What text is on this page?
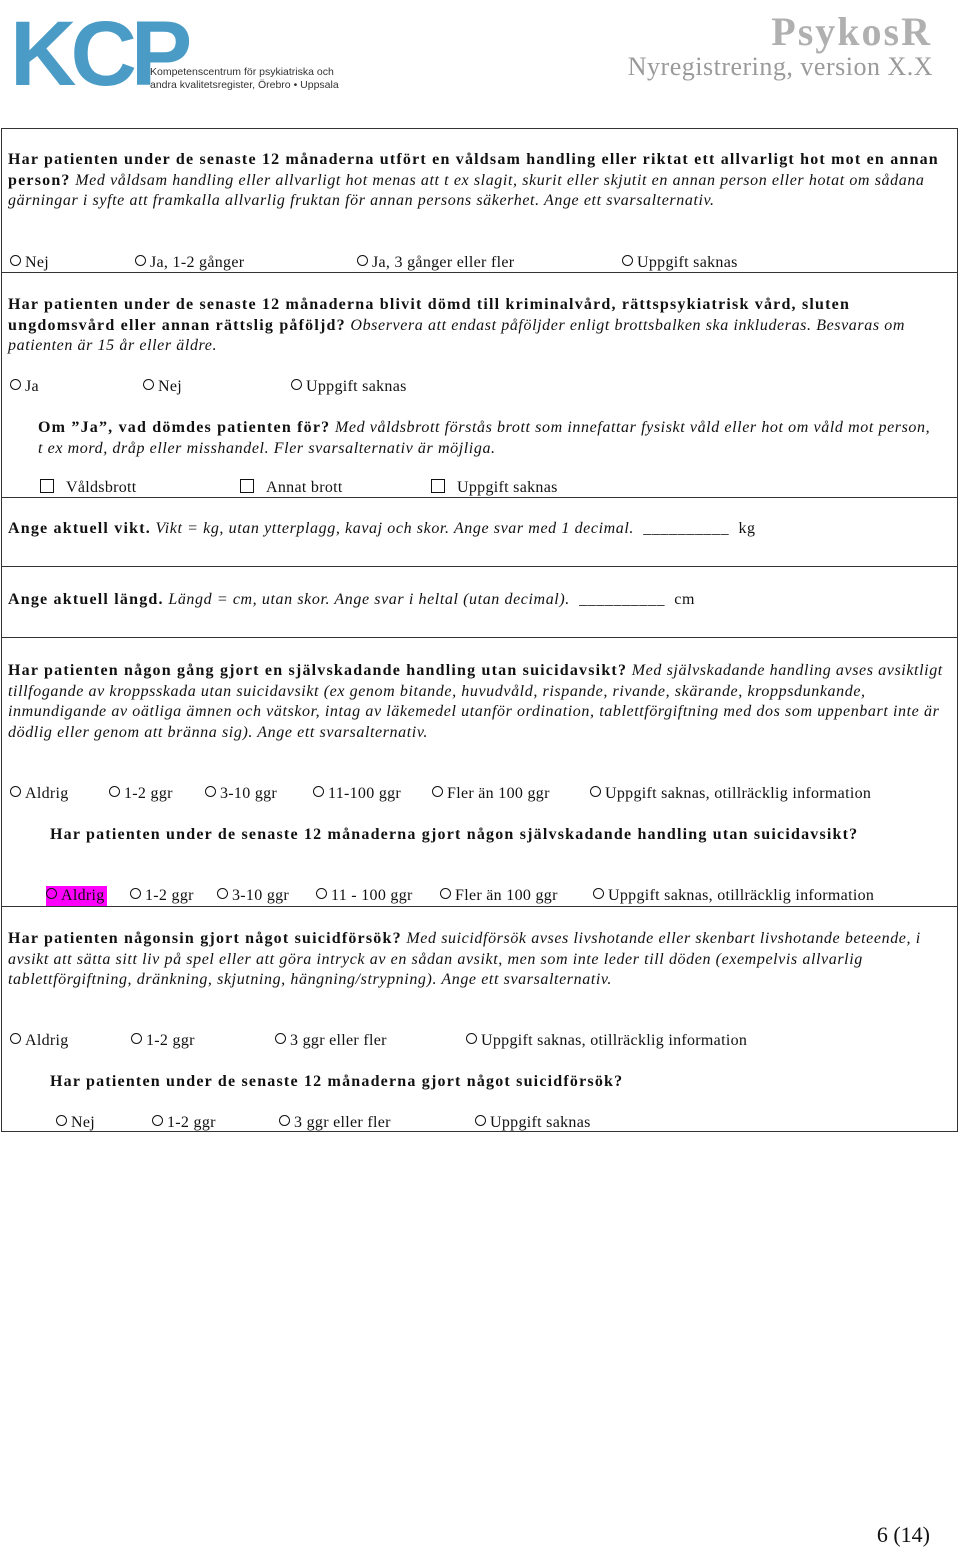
KCP
Kompetenscentrum för psykiatriska och
andra kvalitetsregister, Örebro • Uppsala
PsykosR
Nyregistrering, version X.X
Har patienten under de senaste 12 månaderna utfört en våldsam handling eller riktat ett allvarligt hot mot en annan person? Med våldsam handling eller allvarligt hot menas att t ex slagit, skurit eller skjutit en annan person eller hotat om sådana gärningar i syfte att framkalla allvarlig fruktan för annan persons säkerhet. Ange ett svarsalternativ.
Nej	Ja, 1-2 gånger	Ja, 3 gånger eller fler	Uppgift saknas
Har patienten under de senaste 12 månaderna blivit dömd till kriminalvård, rättspsykiatrisk vård, sluten ungdomsvård eller annan rättslig påföljd? Observera att endast påföljder enligt brottsbalken ska inkluderas. Besvaras om patienten är 15 år eller äldre.
Ja	Nej	Uppgift saknas
Om ”Ja”, vad dömdes patienten för? Med våldsbrott förstås brott som innefattar fysiskt våld eller hot om våld mot person, t ex mord, dråp eller misshandel. Fler svarsalternativ är möjliga.
Våldsbrott	Annat brott	Uppgift saknas
Ange aktuell vikt. Vikt = kg, utan ytterplagg, kavaj och skor. Ange svar med 1 decimal. __________ kg
Ange aktuell längd. Längd = cm, utan skor. Ange svar i heltal (utan decimal). __________ cm
Har patienten någon gång gjort en självskadande handling utan suicidavsikt? Med självskadande handling avses avsiktligt tillfogande av kroppsskada utan suicidavsikt (ex genom bitande, huvudvåld, rispande, rivande, skärande, kroppsdunkande, inmundigande av oätliga ämnen och vätskor, intag av läkemedel utanför ordination, tablettförgiftning med dos som uppenbart inte är dödlig eller genom att bränna sig). Ange ett svarsalternativ.
Aldrig	1-2 ggr	3-10 ggr	11-100 ggr	Fler än 100 ggr	Uppgift saknas, otillräcklig information
Har patienten under de senaste 12 månaderna gjort någon självskadande handling utan suicidavsikt?
Aldrig	1-2 ggr	3-10 ggr	11 - 100 ggr	Fler än 100 ggr	Uppgift saknas, otillräcklig information
Har patienten någonsin gjort något suicidförsök? Med suicidförsök avses livshotande eller skenbart livshotande beteende, i avsikt att sätta sitt liv på spel eller att göra intryck av en sådan avsikt, men som inte leder till döden (exempelvis allvarlig tablettförgiftning, dränkning, skjutning, hängning/strypning). Ange ett svarsalternativ.
Aldrig	1-2 ggr	3 ggr eller fler	Uppgift saknas, otillräcklig information
Har patienten under de senaste 12 månaderna gjort något suicidförsök?
Nej	1-2 ggr	3 ggr eller fler	Uppgift saknas
6 (14)
